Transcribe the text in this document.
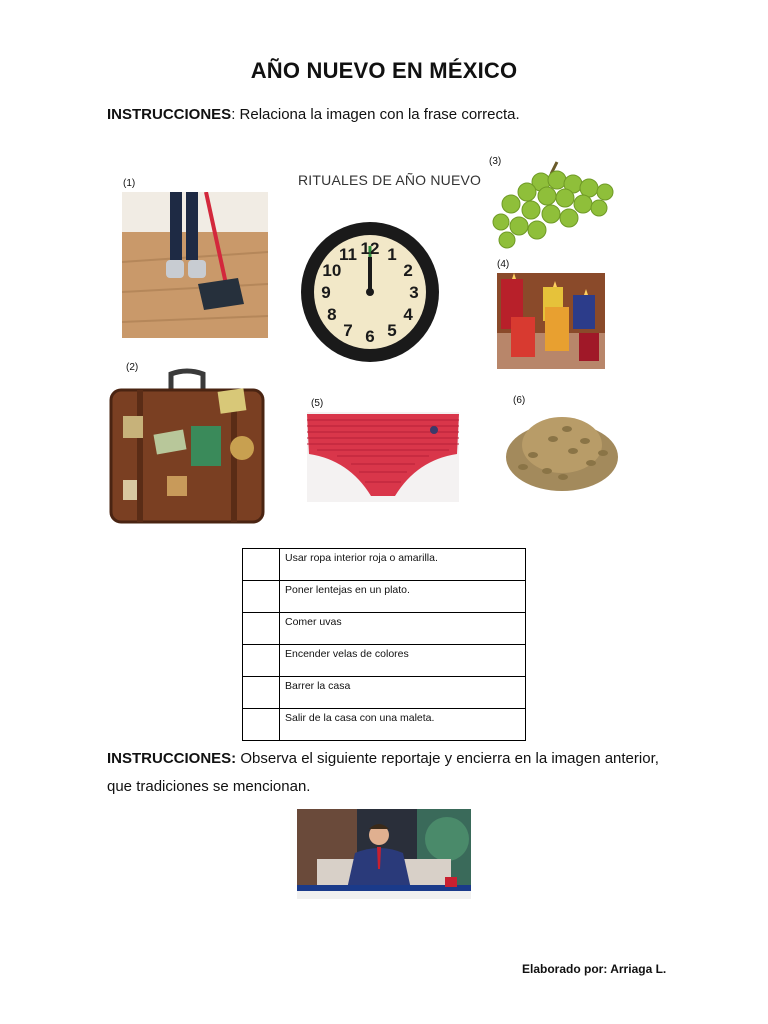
AÑO NUEVO EN MÉXICO
INSTRUCCIONES: Relaciona la imagen con la frase correcta.
(1)	RITUALES DE AÑO NUEVO
12 1
2
3
4
5
6
7
8
9
10
11
(3)
(4)
(2)
(5)	(6)
	Usar ropa interior roja o amarilla.
	Poner lentejas en un plato.
	Comer uvas
	Encender velas de colores
	Barrer la casa
	Salir de la casa con una maleta.
INSTRUCCIONES: Observa el siguiente reportaje y encierra en la imagen anterior, que tradiciones se mencionan.
Elaborado por: Arriaga L.
